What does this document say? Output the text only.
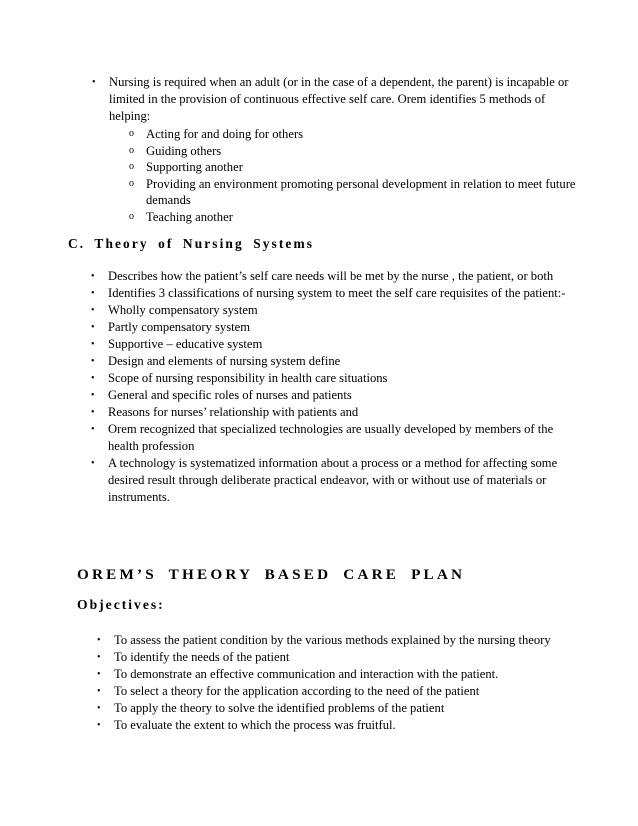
•	Nursing is required when an adult (or in the case of a dependent, the parent) is incapable or limited in the provision of continuous effective self care. Orem identifies 5 methods of helping:
o Acting for and doing for others
o Guiding others
o Supporting another
o Providing an environment promoting personal development in relation to meet future demands
o Teaching another
C. Theory of Nursing Systems
•	Describes how the patient’s self care needs will be met by the nurse , the patient, or both
•	Identifies 3 classifications of nursing system to meet the self care requisites of the patient:-
•	Wholly compensatory system
•	Partly compensatory system
•	Supportive – educative system
•	Design and elements of nursing system define
•	Scope of nursing responsibility in health care situations
•	General and specific roles of nurses and patients
•	Reasons for nurses’ relationship with patients and
•	Orem recognized that specialized technologies are usually developed by members of the health profession
•	A technology is systematized information about a process or a method for affecting some desired result through deliberate practical endeavor, with or without use of materials or instruments.
OREM’S THEORY BASED CARE PLAN
Objectives:
•	To assess the patient condition by the various methods explained by the nursing theory
•	To identify the needs of the patient
•	To demonstrate an effective communication and interaction with the patient.
•	To select a theory for the application according to the need of the patient
•	To apply the theory to solve the identified problems of the patient
•	To evaluate the extent to which the process was fruitful.
